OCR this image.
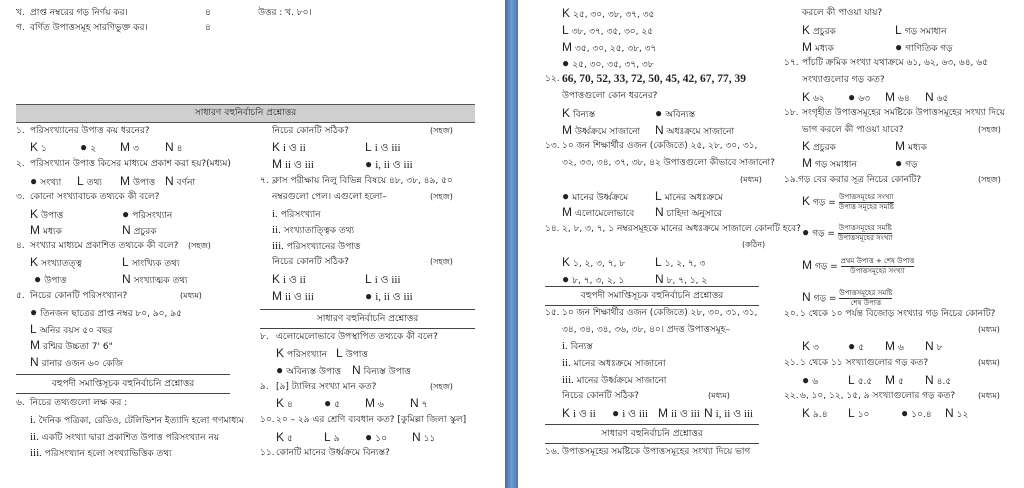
খ. প্রাপ্ত নম্বরের গড় নির্ণয় কর।	৪	উত্তর : খ. ৮০।
গ. বর্ণিত উপাত্তসমূহ সারণিভুক্ত কর।	৪
সাধারণ বহুনির্বাচনি প্রশ্নোত্তর
১. পরিসংখ্যানের উপাত্ত কয় ধরনের?
K ১	● ২ M ৩ N ৪
২. পরিসংখ্যান উপাত্ত কিসের মাধ্যমে প্রকাশ করা হয়?(মধ্যম)
● সংখ্যা L তথ্য M উপাত্ত N বর্ণনা
৩. কোনো সংখ্যাবাচক তথ্যকে কী বলে?
K উপাত্ত	● পরিসংখ্যান
M মধ্যক	N প্রচুরক
৪. সংখ্যার মাধ্যমে প্রকাশিত তথ্যকে কী বলে? (সহজ)
K সংখ্যাতত্ত্ব	L সাংখ্যিক তথ্য
● উপাত্ত	N সংখ্যাত্মক তথ্য
৫. নিচের কোনটি পরিসংখ্যান?	(মধ্যম)
● তিনজন ছাত্রের প্রাপ্ত নম্বর ৮০, ৯০, ৯৫
L অনির বয়স ৫০ বছর
M রশ্মির উচ্চতা 7' 6"
N রানার ওজন ৬০ কেজি
বহুপদী সমাপ্তিসূচক বহুনির্বাচনি প্রশ্নোত্তর
৬. নিচের তথ্যগুলো লক্ষ কর :
i. দৈনিক পত্রিকা, রেডিও, টেলিভিশন ইত্যাদি হলো গণমাধ্যম
ii. একটি সংখ্যা দ্বারা প্রকাশিত উপাত্ত পরিসংখ্যান নয়
iii. পরিসংখ্যান হলো সংখ্যাভিত্তিক তথ্য
নিচের কোনটি সঠিক?	(সহজ)
K i ও ii	L i ও iii
M ii ও iii	● i, ii ও iii
৭. ক্লাস পরীক্ষায় নিলু বিভিন্ন বিষয়ে ৪৮, ৩৮, ৪৯, ৫০
নম্বরগুলো পেল। এগুলো হলো–	(সহজ)
i. পরিসংখ্যান
ii. সংখ্যাতাত্ত্বিক তথ্য
iii. পরিসংখ্যানের উপাত্ত
নিচের কোনটি সঠিক?	(সহজ)
K i ও ii	L i ও iii
M ii ও iii	● i, ii ও iii
সাধারণ বহুনির্বাচনি প্রশ্নোত্তর
৮. এলোমেলোভাবে উপস্থাপিত তথ্যকে কী বলে?
K পরিসংখ্যান L উপাত্ত
● অবিন্যস্ত উপাত্ত N বিন্যস্ত উপাত্ত
৯. [৯] ট্যালির সংখ্যা মান কত?	(সহজ)
K ৪	● ৫ M ৬ N ৭
১০. ২০ – ২৯ এর শ্রেণি ব্যবধান কত? [কুমিল্লা জিলা স্কুল]
K ৫	L ৯ ● ১০ N ১১
১১. কোনটি মানের উর্ধ্বক্রমে বিন্যস্ত?
K ২৫, ৩০, ৩৮, ৩৭, ৩৫
L ৩৮, ৩৭, ৩৫, ৩০, ২৫
M ৩৫, ৩০, ২৫, ৩৮, ৩৭
● ২৫, ৩০, ৩৫, ৩৭, ৩৮
১২. 66, 70, 52, 33, 72, 50, 45, 42, 67, 77, 39
উপাত্তগুলো কোন ধরনের?
K বিন্যস্ত	● অবিন্যস্ত
M উর্ধ্বক্রমে সাজানো N অধঃক্রমে সাজানো
১৩. ১০ জন শিক্ষার্থীর ওজন (কেজিতে) ২৫, ২৮, ৩০, ৩১,
৩২, ৩৩, ৩৪, ৩৭, ৩৮, ৪২ উপাত্তগুলো কীভাবে সাজানো?
(মধ্যম)
● মানের উর্ধ্বক্রমে L মানের অধঃক্রমে
M এলোমেলোভাবে N চাহিদা অনুসারে
১৪. ২, ৮, ৩, ৭, ১ নম্বরসমূহকে মানের অধঃক্রমে সাজালে কোনটি হবে?
(কঠিন)
K ১, ২, ৩, ৭, ৮ L ১, ২, ৭, ৩
● ৮, ৭, ৩, ২, ১	N ৮, ৭, ১, ২
বহুপদী সমাপ্তিসূচক বহুনির্বাচনি প্রশ্নোত্তর
১৫. ১০ জন শিক্ষার্থীর ওজন (কেজিতে) ২৮, ৩০, ৩১, ৩১,
৩৪, ৩৪, ৩৪, ৩৬, ৩৮, ৪০। প্রদত্ত উপাত্তসমূহ–
i. বিন্যস্ত
ii. মানের অধঃক্রমে সাজানো
iii. মানের উর্ধ্বক্রমে সাজানো
নিচের কোনটি সঠিক?	(মধ্যম)
K i ও ii ● i ও iii M ii ও iii N i, ii ও iii
সাধারণ বহুনির্বাচনি প্রশ্নোত্তর
১৬. উপাত্তসমূহের সমষ্টিকে উপাত্তসমূহের সংখ্যা দিয়ে ভাগ
করলে কী পাওয়া যায়?
K প্রচুরক	L গড় সমাধান
M মধ্যক	● গাণিতিক গড়
১৭. পাঁচটি ক্রমিক সংখ্যা যথাক্রমে ৬১, ৬২, ৬৩, ৬৪, ৬৫
সংখ্যাগুলোর গড় কত?
K ৬২ ● ৬৩ M ৬৪ N ৬৫
১৮. সংগৃহীত উপাত্তসমূহের সমষ্টিকে উপাত্তসমূহের সংখ্যা দিয়ে
ভাগ করলে কী পাওয়া যাবে?	(সহজ)
K প্রচুরক	M মধ্যক
M গড় সমাধান	● গড়
১৯. গড় বের করার সূত্র নিচের কোনটি?	(সহজ)
K গড় = $\frac{\text{উপাত্তসমূহের সংখ্যা}}{\text{উপাত্ত সমূহের সমষ্টি}}$
● গড় = $\frac{\text{উপাত্তসমূহের সমষ্টি}}{\text{উপাত্তসমূহের সংখ্যা}}$
M গড় = $\frac{\text{প্রথম উপাত্ত + শেষ উপাত্ত}}{\text{উপাত্তসমূহের সংখ্যা}}$
N গড় = $\frac{\text{উপাত্তসমূহের সমষ্টি}}{\text{শেষ উপাত্ত}}$
২০. ১ থেকে ১০ পর্যন্ত বিজোড় সংখ্যার গড় নিচের কোনটি?
(মধ্যম)
K ৩ ● ৫ M ৬ N ৮
২১. ১ থেকে ১১ সংখ্যাগুলোর গড় কত?	(মধ্যম)
● ৬ L ৫.৫ M ৫ N ৪.৫
২২. ৬, ১০, ১২, ১৫, ৯ সংখ্যাগুলোর গড় কত?	(মধ্যম)
K ৯.৪ L ১০	● ১০.৪ N ১২
